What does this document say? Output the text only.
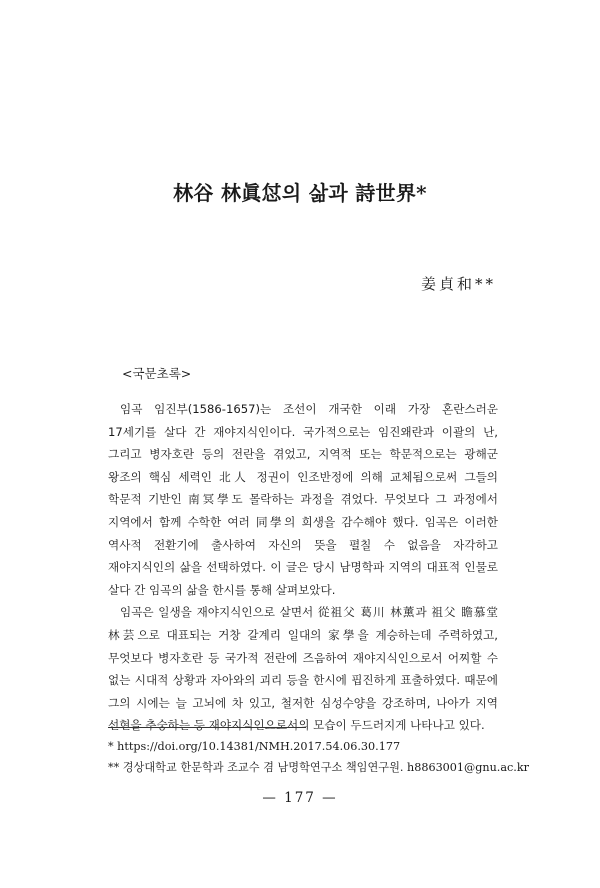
林谷 林眞怤의 삶과 詩世界*
姜貞和**
<국문초록>

임곡 임진부(1586-1657)는 조선이 개국한 이래 가장 혼란스러운 17세기를 살다 간 재야지식인이다. 국가적으로는 임진왜란과 이괄의 난, 그리고 병자호란 등의 전란을 겪었고, 지역적 또는 학문적으로는 광해군 왕조의 핵심 세력인 北人 정권이 인조반정에 의해 교체됨으로써 그들의 학문적 기반인 南冥學도 몰락하는 과정을 겪었다. 무엇보다 그 과정에서 지역에서 함께 수학한 여러 同學의 희생을 감수해야 했다. 임곡은 이러한 역사적 전환기에 출사하여 자신의 뜻을 펼칠 수 없음을 자각하고 재야지식인의 삶을 선택하였다. 이 글은 당시 남명학파 지역의 대표적 인물로 살다 간 임곡의 삶을 한시를 통해 살펴보았다.

임곡은 일생을 재야지식인으로 살면서 從祖父 葛川 林薰과 祖父 瞻慕堂 林芸으로 대표되는 거창 갈계리 일대의 家學을 계승하는데 주력하였고, 무엇보다 병자호란 등 국가적 전란에 즈음하여 재야지식인으로서 어찌할 수 없는 시대적 상황과 자아와의 괴리 등을 한시에 핍진하게 표출하였다. 때문에 그의 시에는 늘 고뇌에 차 있고, 철저한 심성수양을 강조하며, 나아가 지역 선현을 추숭하는 등 재야지식인으로서의 모습이 두드러지게 나타나고 있다.

* https://doi.org/10.14381/NMH.2017.54.06.30.177
** 경상대학교 한문학과 조교수 겸 남명학연구소 책임연구원. h8863001@gnu.ac.kr
— 177 —
